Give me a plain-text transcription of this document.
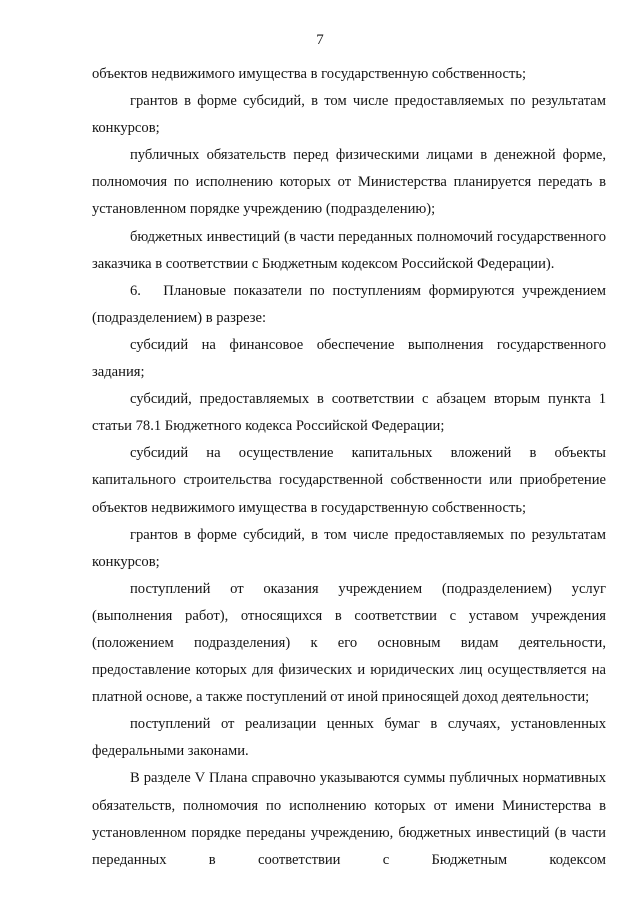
7

объектов недвижимого имущества в государственную собственность;

грантов в форме субсидий, в том числе предоставляемых по результатам конкурсов;

публичных обязательств перед физическими лицами в денежной форме, полномочия по исполнению которых от Министерства планируется передать в установленном порядке учреждению (подразделению);

бюджетных инвестиций (в части переданных полномочий государственного заказчика в соответствии с Бюджетным кодексом Российской Федерации).

6.  Плановые показатели по поступлениям формируются учреждением (подразделением) в разрезе:

субсидий на финансовое обеспечение выполнения государственного задания;

субсидий, предоставляемых в соответствии с абзацем вторым пункта 1 статьи 78.1 Бюджетного кодекса Российской Федерации;

субсидий на осуществление капитальных вложений в объекты капитального строительства государственной собственности или приобретение объектов недвижимого имущества в государственную собственность;

грантов в форме субсидий, в том числе предоставляемых по результатам конкурсов;

поступлений от оказания учреждением (подразделением) услуг (выполнения работ), относящихся в соответствии с уставом учреждения (положением подразделения) к его основным видам деятельности, предоставление которых для физических и юридических лиц осуществляется на платной основе, а также поступлений от иной приносящей доход деятельности;

поступлений от реализации ценных бумаг в случаях, установленных федеральными законами.

В разделе V Плана справочно указываются суммы публичных нормативных обязательств, полномочия по исполнению которых от имени Министерства в установленном порядке переданы учреждению, бюджетных инвестиций (в части переданных в соответствии с Бюджетным кодексом
